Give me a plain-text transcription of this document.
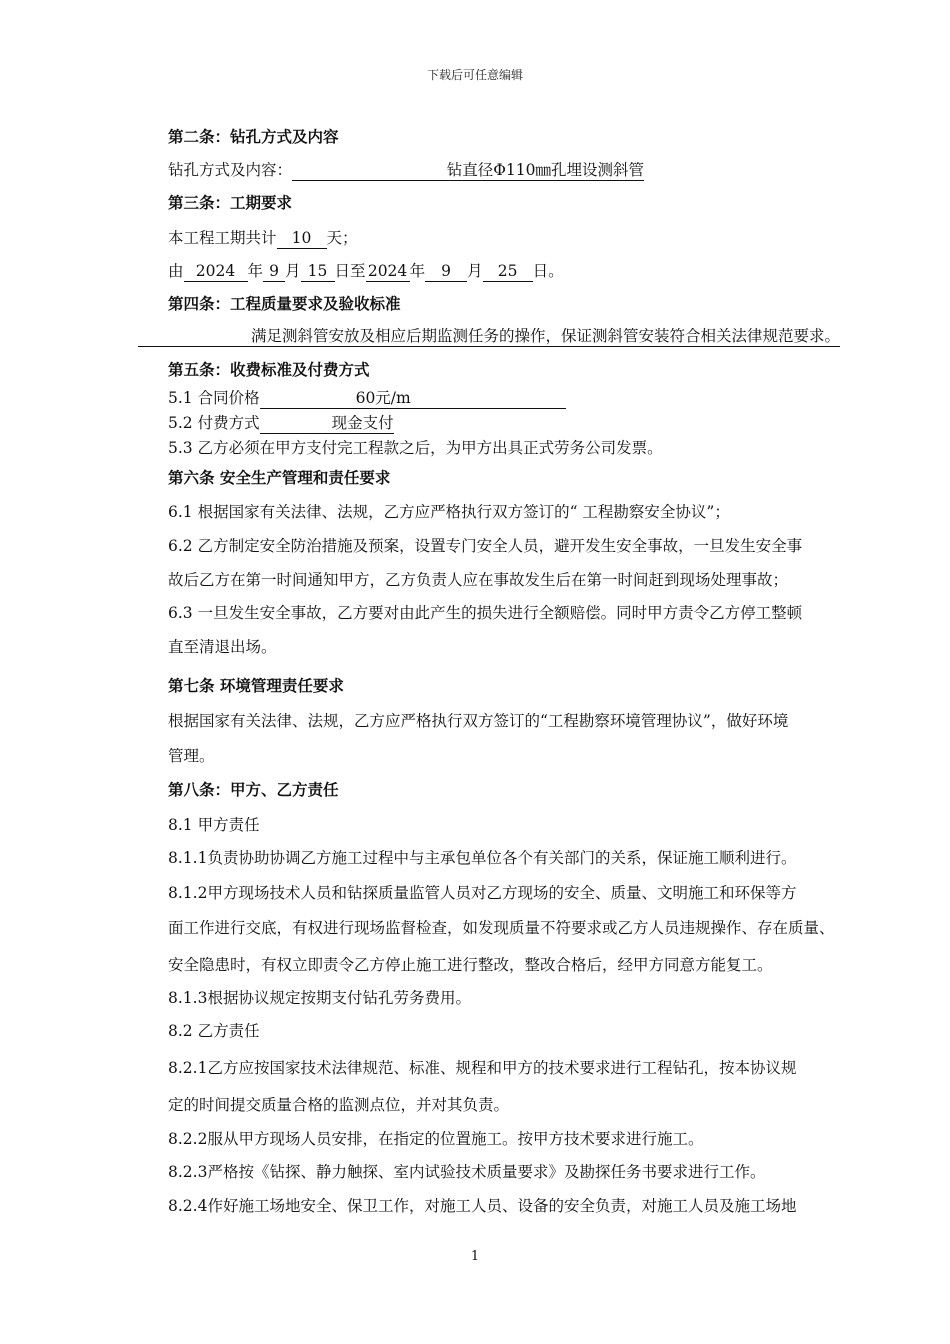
下载后可任意编辑
第二条：钻孔方式及内容
钻孔方式及内容：	钻直径Φ110㎜孔埋设测斜管
第三条：工期要求
本工程工期共计 10 天；
由 2024 年 9 月 15 日至 2024 年 9 月 25 日。
第四条：工程质量要求及验收标准
满足测斜管安放及相应后期监测任务的操作，保证测斜管安装符合相关法律规范要求。
第五条：收费标准及付费方式
5.1 合同价格	60元/m
5.2 付费方式	现金支付
5.3 乙方必须在甲方支付完工程款之后，为甲方出具正式劳务公司发票。
第六条 安全生产管理和责任要求
6.1 根据国家有关法律、法规，乙方应严格执行双方签订的“ 工程勘察安全协议”；
6.2 乙方制定安全防治措施及预案，设置专门安全人员，避开发生安全事故，一旦发生安全事
故后乙方在第一时间通知甲方，乙方负责人应在事故发生后在第一时间赶到现场处理事故；
6.3 一旦发生安全事故，乙方要对由此产生的损失进行全额赔偿。同时甲方责令乙方停工整顿
直至清退出场。
第七条 环境管理责任要求
根据国家有关法律、法规，乙方应严格执行双方签订的“工程勘察环境管理协议”，做好环境
管理。
第八条：甲方、乙方责任
8.1 甲方责任
8.1.1负责协助协调乙方施工过程中与主承包单位各个有关部门的关系，保证施工顺利进行。
8.1.2甲方现场技术人员和钻探质量监管人员对乙方现场的安全、质量、文明施工和环保等方
面工作进行交底，有权进行现场监督检查，如发现质量不符要求或乙方人员违规操作、存在质量、
安全隐患时，有权立即责令乙方停止施工进行整改，整改合格后，经甲方同意方能复工。
8.1.3根据协议规定按期支付钻孔劳务费用。
8.2 乙方责任
8.2.1乙方应按国家技术法律规范、标准、规程和甲方的技术要求进行工程钻孔，按本协议规
定的时间提交质量合格的监测点位，并对其负责。
8.2.2服从甲方现场人员安排，在指定的位置施工。按甲方技术要求进行施工。
8.2.3严格按《钻探、静力触探、室内试验技术质量要求》及勘探任务书要求进行工作。
8.2.4作好施工场地安全、保卫工作，对施工人员、设备的安全负责，对施工人员及施工场地
1
